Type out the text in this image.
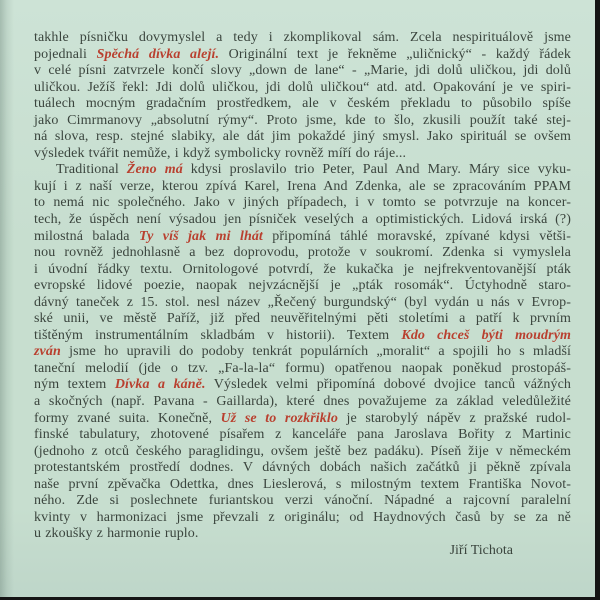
takhle písničku dovymyslel a tedy i zkomplikoval sám. Zcela nespirituálově jsme
pojednali Spěchá dívka alejí. Originální text je řekněme „uličnický“ - každý řádek
v celé písni zatvrzele končí slovy „down de lane“ - „Marie, jdi dolů uličkou, jdi dolů
uličkou. Ježíš řekl: Jdi dolů uličkou, jdi dolů uličkou“ atd. atd. Opakování je ve spiri-
tuálech mocným gradačním prostředkem, ale v českém překladu to působilo spíše
jako Cimrmanovy „absolutní rýmy“. Proto jsme, kde to šlo, zkusili použít také stej-
ná slova, resp. stejné slabiky, ale dát jim pokaždé jiný smysl. Jako spirituál se ovšem
výsledek tvářit nemůže, i když symbolicky rovněž míří do ráje...
Traditional Ženo má kdysi proslavilo trio Peter, Paul And Mary. Máry sice vyku-
kují i z naší verze, kterou zpívá Karel, Irena And Zdenka, ale se zpracováním PPAM
to nemá nic společného. Jako v jiných případech, i v tomto se potvrzuje na koncer-
tech, že úspěch není výsadou jen písniček veselých a optimistických. Lidová irská (?)
milostná balada Ty víš jak mi lhát připomíná táhlé moravské, zpívané kdysi větši-
nou rovněž jednohlasně a bez doprovodu, protože v soukromí. Zdenka si vymyslela
i úvodní řádky textu. Ornitologové potvrdí, že kukačka je nejfrekventovanější pták
evropské lidové poezie, naopak nejvzácnější je „pták rosomák“. Úctyhodně staro-
dávný taneček z 15. stol. nesl název „Řečený burgundský“ (byl vydán u nás v Evrop-
ské unii, ve městě Paříž, již před neuvěřitelnými pěti stoletími a patří k prvním
tištěným instrumentálním skladbám v historii). Textem Kdo chceš býti moudrým
zván jsme ho upravili do podoby tenkrát populárních „moralit“ a spojili ho s mladší
taneční melodií (jde o tzv. „Fa-la-la“ formu) opatřenou naopak poněkud prostopáš-
ným textem Dívka a káně. Výsledek velmi připomíná dobové dvojice tanců vážných
a skočných (např. Pavana - Gaillarda), které dnes považujeme za základ veledůležité
formy zvané suita. Konečně, Už se to rozkřiklo je starobylý nápěv z pražské rudol-
finské tabulatury, zhotovené písařem z kanceláře pana Jaroslava Bořity z Martinic
(jednoho z otců českého paraglidingu, ovšem ještě bez padáku). Píseň žije v německém
protestantském prostředí dodnes. V dávných dobách našich začátků ji pěkně zpívala
naše první zpěvačka Odettka, dnes Lieslerová, s milostným textem Františka Novot-
ného. Zde si poslechnete furiantskou verzi vánoční. Nápadné a rajcovní paralelní
kvinty v harmonizaci jsme převzali z originálu; od Haydnových časů by se za ně
u zkoušky z harmonie ruplo.
Jiří Tichota
